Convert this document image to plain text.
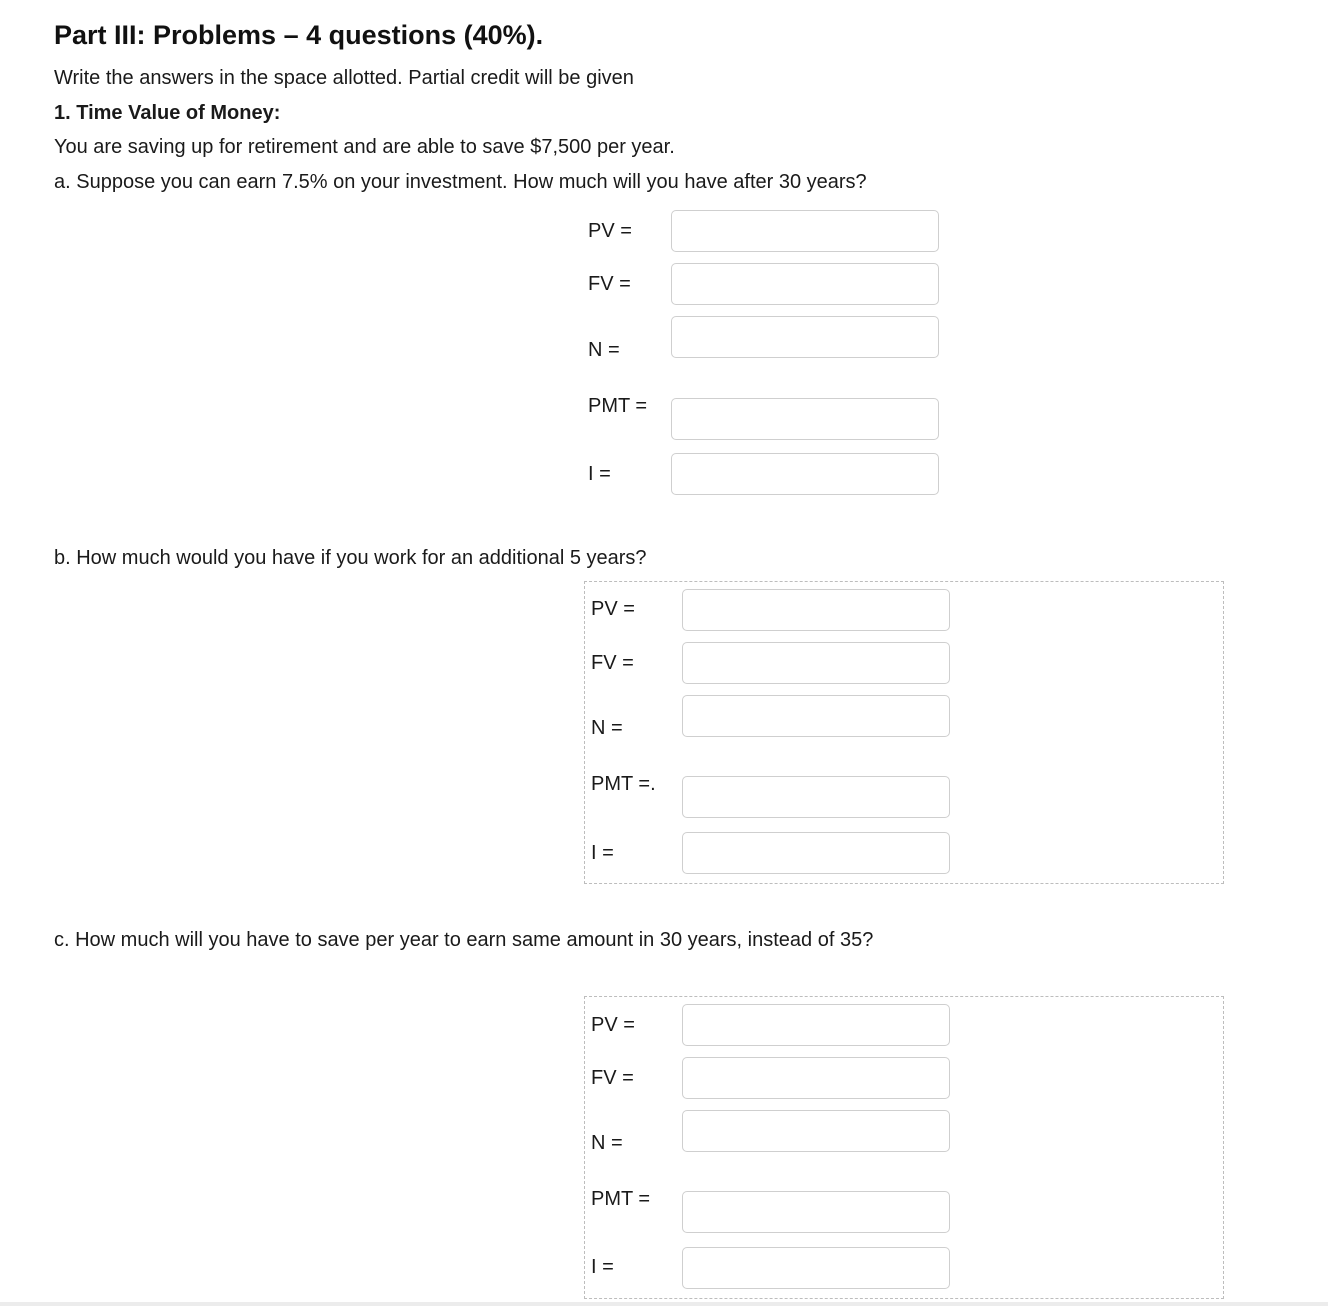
Part III: Problems – 4 questions (40%).
Write the answers in the space allotted. Partial credit will be given
1. Time Value of Money:
You are saving up for retirement and are able to save $7,500 per year.
a. Suppose you can earn 7.5% on your investment. How much will you have after 30 years?
PV =
FV =
N =
PMT =
I =
b. How much would you have if you work for an additional 5 years?
PV =
FV =
N =
PMT =.
I =
c. How much will you have to save per year to earn same amount in 30 years, instead of 35?
PV =
FV =
N =
PMT =
I =
